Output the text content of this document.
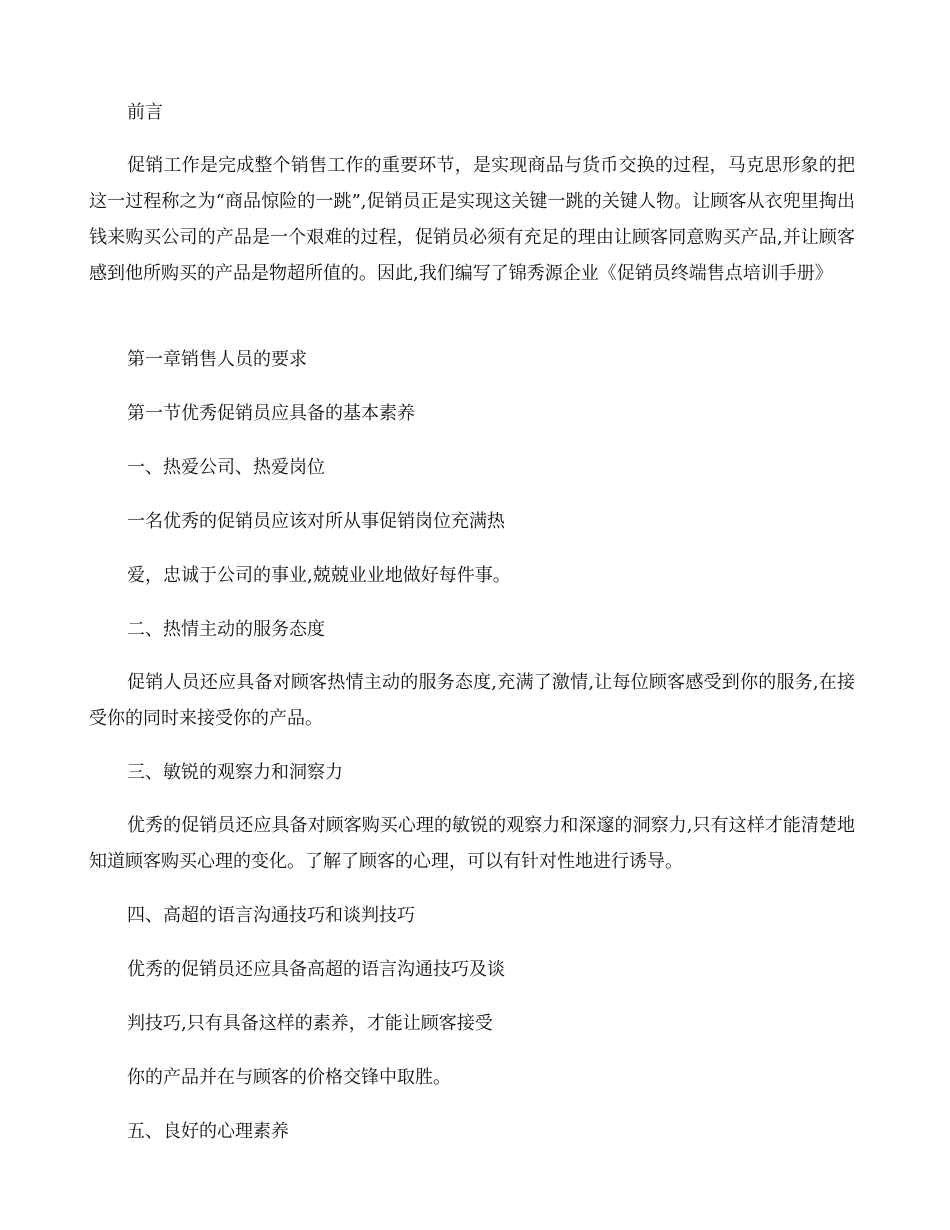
前言
促销工作是完成整个销售工作的重要环节，是实现商品与货币交换的过程，马克思形象的把这一过程称之为“商品惊险的一跳”,促销员正是实现这关键一跳的关键人物。让顾客从衣兜里掏出钱来购买公司的产品是一个艰难的过程，促销员必须有充足的理由让顾客同意购买产品,并让顾客感到他所购买的产品是物超所值的。因此,我们编写了锦秀源企业《促销员终端售点培训手册》
第一章销售人员的要求
第一节优秀促销员应具备的基本素养
一、热爱公司、热爱岗位
一名优秀的促销员应该对所从事促销岗位充满热
爱，忠诚于公司的事业,兢兢业业地做好每件事。
二、热情主动的服务态度
促销人员还应具备对顾客热情主动的服务态度,充满了激情,让每位顾客感受到你的服务,在接受你的同时来接受你的产品。
三、敏锐的观察力和洞察力
优秀的促销员还应具备对顾客购买心理的敏锐的观察力和深邃的洞察力,只有这样才能清楚地知道顾客购买心理的变化。了解了顾客的心理，可以有针对性地进行诱导。
四、高超的语言沟通技巧和谈判技巧
优秀的促销员还应具备高超的语言沟通技巧及谈
判技巧,只有具备这样的素养，才能让顾客接受
你的产品并在与顾客的价格交锋中取胜。
五、良好的心理素养
